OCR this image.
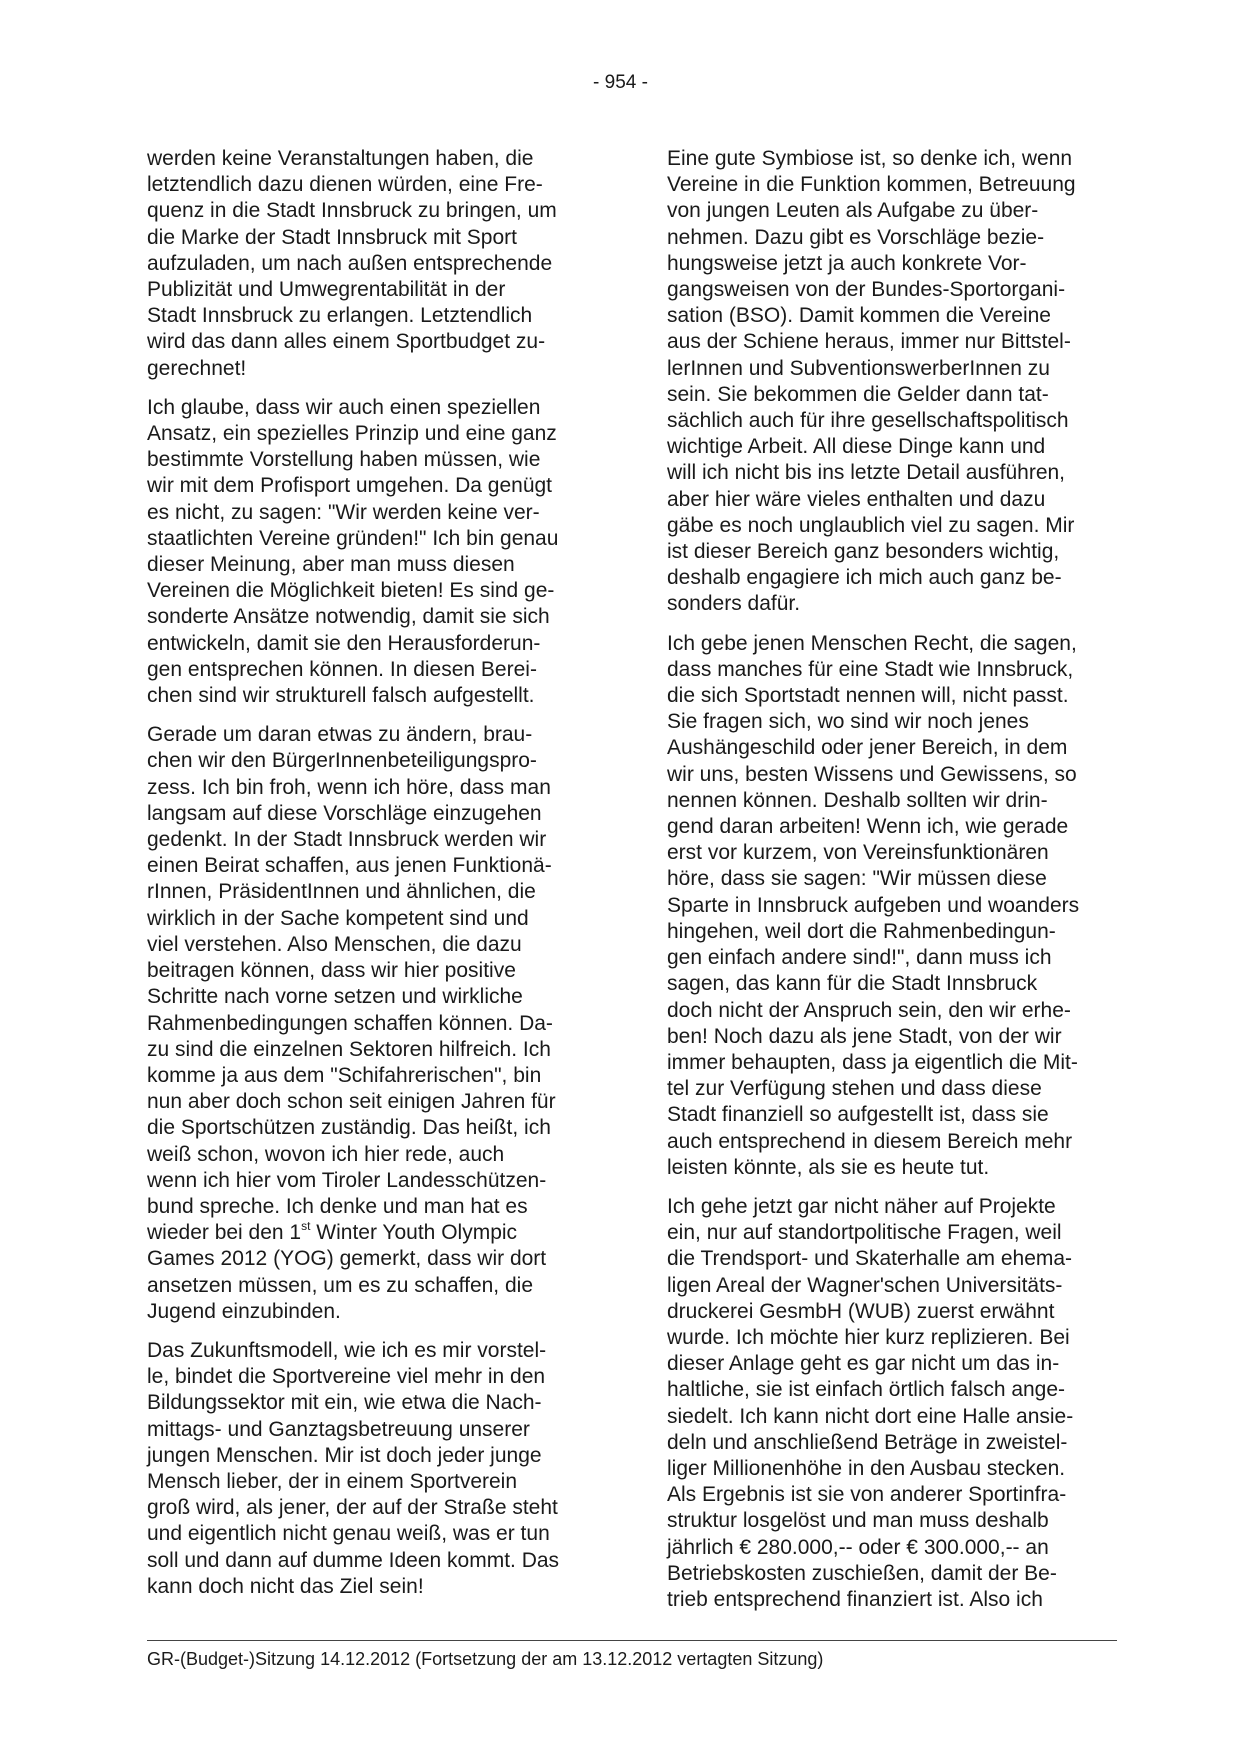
- 954 -

werden keine Veranstaltungen haben, die
letztendlich dazu dienen würden, eine Fre-
quenz in die Stadt Innsbruck zu bringen, um
die Marke der Stadt Innsbruck mit Sport
aufzuladen, um nach außen entsprechende
Publizität und Umwegrentabilität in der
Stadt Innsbruck zu erlangen. Letztendlich
wird das dann alles einem Sportbudget zu-
gerechnet!

Ich glaube, dass wir auch einen speziellen
Ansatz, ein spezielles Prinzip und eine ganz
bestimmte Vorstellung haben müssen, wie
wir mit dem Profisport umgehen. Da genügt
es nicht, zu sagen: "Wir werden keine ver-
staatlichten Vereine gründen!" Ich bin genau
dieser Meinung, aber man muss diesen
Vereinen die Möglichkeit bieten! Es sind ge-
sonderte Ansätze notwendig, damit sie sich
entwickeln, damit sie den Herausforderun-
gen entsprechen können. In diesen Berei-
chen sind wir strukturell falsch aufgestellt.

Gerade um daran etwas zu ändern, brau-
chen wir den BürgerInnenbeteiligungspro-
zess. Ich bin froh, wenn ich höre, dass man
langsam auf diese Vorschläge einzugehen
gedenkt. In der Stadt Innsbruck werden wir
einen Beirat schaffen, aus jenen Funktionä-
rInnen, PräsidentInnen und ähnlichen, die
wirklich in der Sache kompetent sind und
viel verstehen. Also Menschen, die dazu
beitragen können, dass wir hier positive
Schritte nach vorne setzen und wirkliche
Rahmenbedingungen schaffen können. Da-
zu sind die einzelnen Sektoren hilfreich. Ich
komme ja aus dem "Schifahrerischen", bin
nun aber doch schon seit einigen Jahren für
die Sportschützen zuständig. Das heißt, ich
weiß schon, wovon ich hier rede, auch
wenn ich hier vom Tiroler Landesschützen-
bund spreche. Ich denke und man hat es
wieder bei den 1st Winter Youth Olympic
Games 2012 (YOG) gemerkt, dass wir dort
ansetzen müssen, um es zu schaffen, die
Jugend einzubinden.

Das Zukunftsmodell, wie ich es mir vorstel-
le, bindet die Sportvereine viel mehr in den
Bildungssektor mit ein, wie etwa die Nach-
mittags- und Ganztagsbetreuung unserer
jungen Menschen. Mir ist doch jeder junge
Mensch lieber, der in einem Sportverein
groß wird, als jener, der auf der Straße steht
und eigentlich nicht genau weiß, was er tun
soll und dann auf dumme Ideen kommt. Das
kann doch nicht das Ziel sein!

Eine gute Symbiose ist, so denke ich, wenn
Vereine in die Funktion kommen, Betreuung
von jungen Leuten als Aufgabe zu über-
nehmen. Dazu gibt es Vorschläge bezie-
hungsweise jetzt ja auch konkrete Vor-
gangsweisen von der Bundes-Sportorgani-
sation (BSO). Damit kommen die Vereine
aus der Schiene heraus, immer nur Bittstel-
lerInnen und SubventionswerberInnen zu
sein. Sie bekommen die Gelder dann tat-
sächlich auch für ihre gesellschaftspolitisch
wichtige Arbeit. All diese Dinge kann und
will ich nicht bis ins letzte Detail ausführen,
aber hier wäre vieles enthalten und dazu
gäbe es noch unglaublich viel zu sagen. Mir
ist dieser Bereich ganz besonders wichtig,
deshalb engagiere ich mich auch ganz be-
sonders dafür.

Ich gebe jenen Menschen Recht, die sagen,
dass manches für eine Stadt wie Innsbruck,
die sich Sportstadt nennen will, nicht passt.
Sie fragen sich, wo sind wir noch jenes
Aushängeschild oder jener Bereich, in dem
wir uns, besten Wissens und Gewissens, so
nennen können. Deshalb sollten wir drin-
gend daran arbeiten! Wenn ich, wie gerade
erst vor kurzem, von Vereinsfunktionären
höre, dass sie sagen: "Wir müssen diese
Sparte in Innsbruck aufgeben und woanders
hingehen, weil dort die Rahmenbedingun-
gen einfach andere sind!", dann muss ich
sagen, das kann für die Stadt Innsbruck
doch nicht der Anspruch sein, den wir erhe-
ben! Noch dazu als jene Stadt, von der wir
immer behaupten, dass ja eigentlich die Mit-
tel zur Verfügung stehen und dass diese
Stadt finanziell so aufgestellt ist, dass sie
auch entsprechend in diesem Bereich mehr
leisten könnte, als sie es heute tut.

Ich gehe jetzt gar nicht näher auf Projekte
ein, nur auf standortpolitische Fragen, weil
die Trendsport- und Skaterhalle am ehema-
ligen Areal der Wagner'schen Universitäts-
druckerei GesmbH (WUB) zuerst erwähnt
wurde. Ich möchte hier kurz replizieren. Bei
dieser Anlage geht es gar nicht um das in-
haltliche, sie ist einfach örtlich falsch ange-
siedelt. Ich kann nicht dort eine Halle ansie-
deln und anschließend Beträge in zweistel-
liger Millionenhöhe in den Ausbau stecken.
Als Ergebnis ist sie von anderer Sportinfra-
struktur losgelöst und man muss deshalb
jährlich € 280.000,-- oder € 300.000,-- an
Betriebskosten zuschießen, damit der Be-
trieb entsprechend finanziert ist. Also ich

GR-(Budget-)Sitzung 14.12.2012 (Fortsetzung der am 13.12.2012 vertagten Sitzung)
